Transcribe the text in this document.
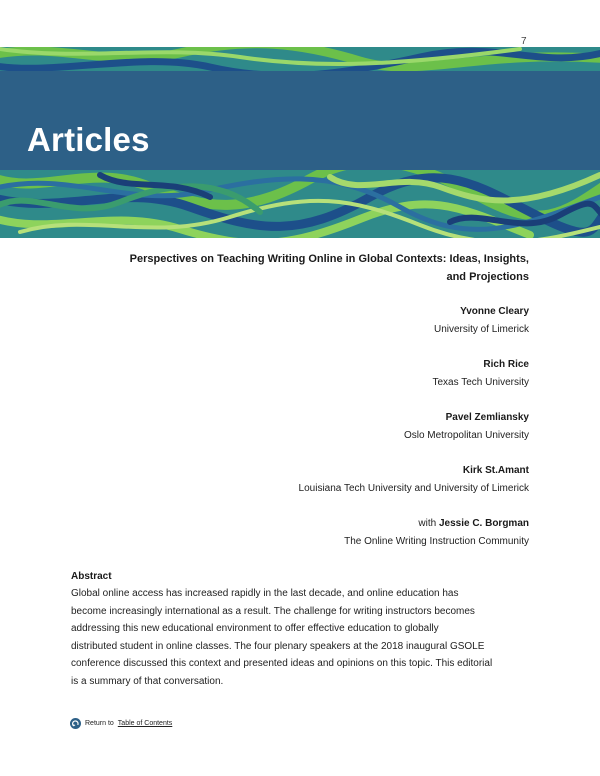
7
Articles
Perspectives on Teaching Writing Online in Global Contexts: Ideas, Insights,
and Projections
Yvonne Cleary
University of Limerick
Rich Rice
Texas Tech University
Pavel Zemliansky
Oslo Metropolitan University
Kirk St.Amant
Louisiana Tech University and University of Limerick
with Jessie C. Borgman
The Online Writing Instruction Community
Abstract
Global online access has increased rapidly in the last decade, and online education has
become increasingly international as a result. The challenge for writing instructors becomes
addressing this new educational environment to offer effective education to globally
distributed student in online classes. The four plenary speakers at the 2018 inaugural GSOLE
conference discussed this context and presented ideas and opinions on this topic. This editorial
is a summary of that conversation.
Return to Table of Contents
